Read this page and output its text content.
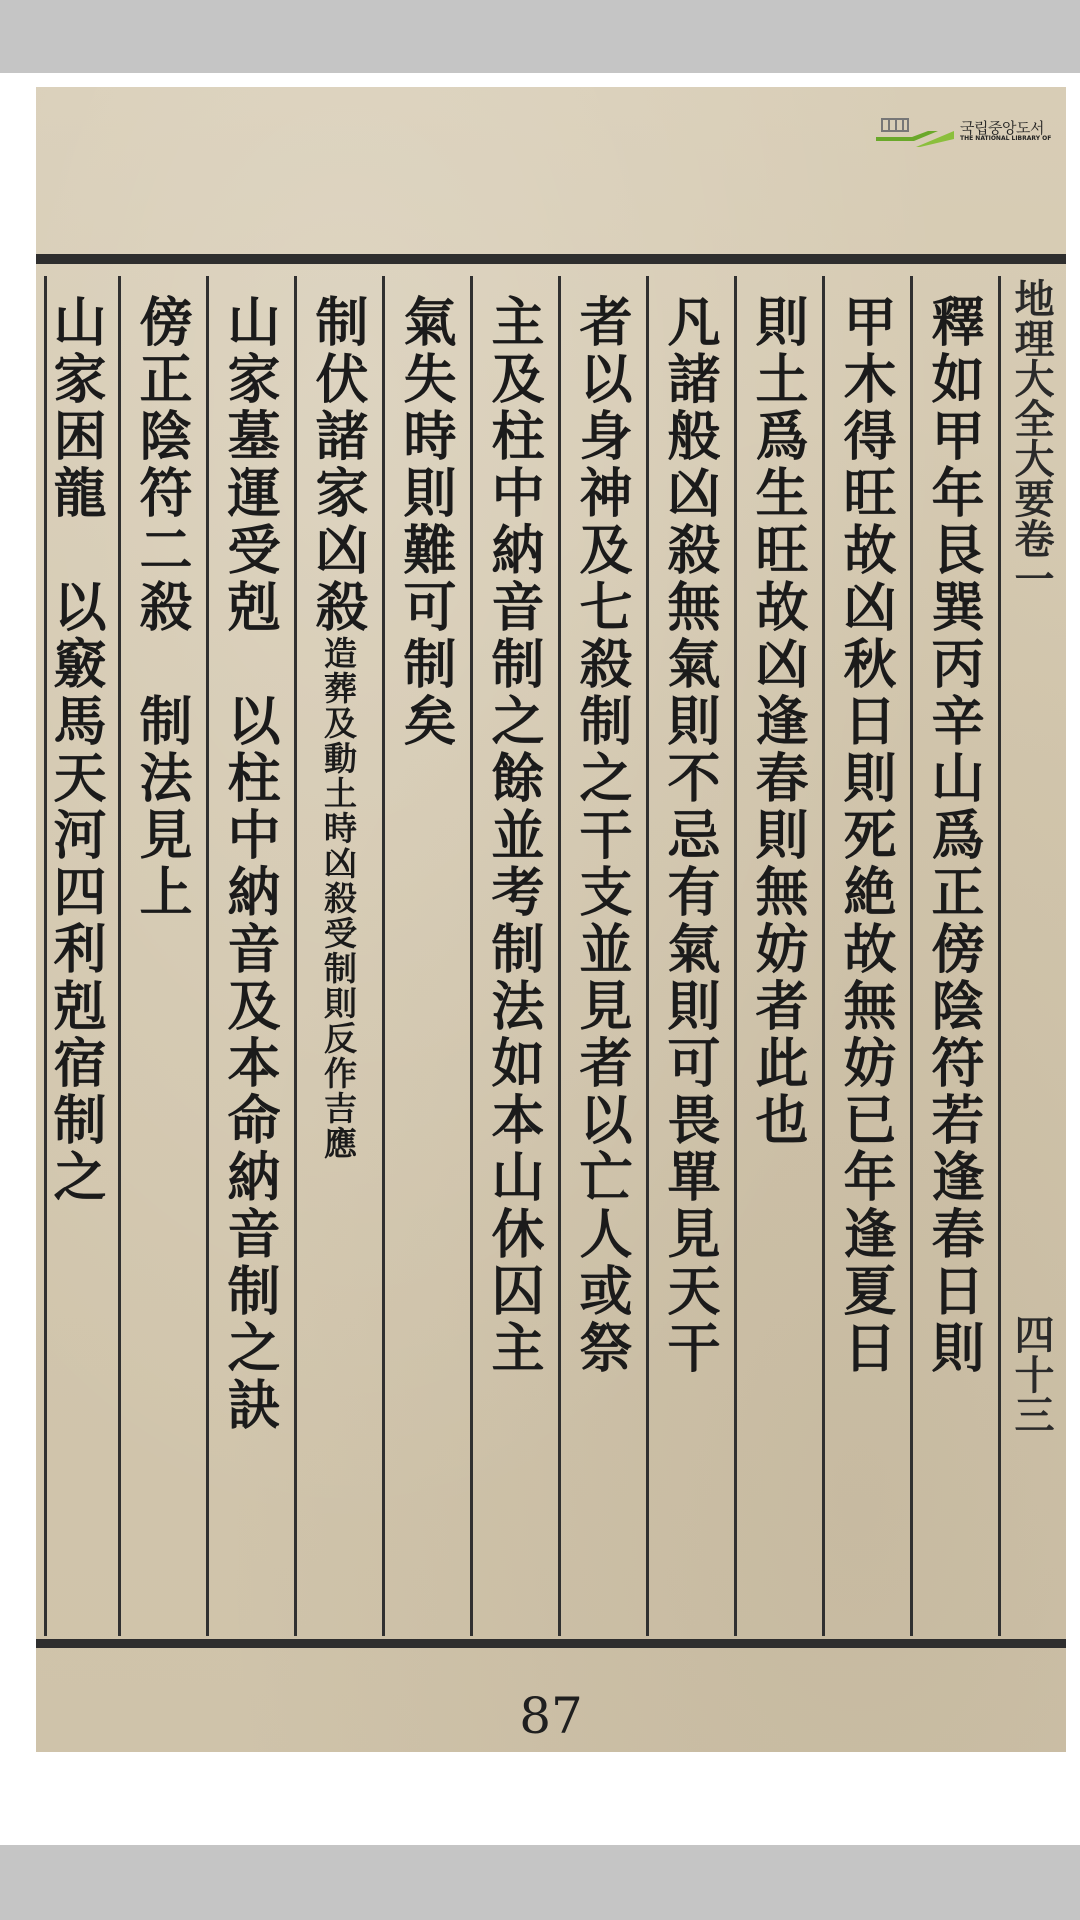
국립중앙도서
THE NATIONAL LIBRARY OF
地理大全大要卷一
四十三
釋如甲年艮巽丙辛山爲正傍陰符若逢春日則
甲木得旺故凶秋日則死絶故無妨已年逢夏日
則土爲生旺故凶逢春則無妨者此也
凡諸般凶殺無氣則不忌有氣則可畏單見天干
者以身神及七殺制之干支並見者以亡人或祭
主及柱中納音制之餘並考制法如本山休囚主
氣失時則難可制矣
制伏諸家凶殺造葬及動土時凶殺受制則反作吉應
山家墓運受剋　以柱中納音及本命納音制之訣
傍正陰符二殺　制法見上
山家困龍　以竅馬天河四利剋宿制之
87
